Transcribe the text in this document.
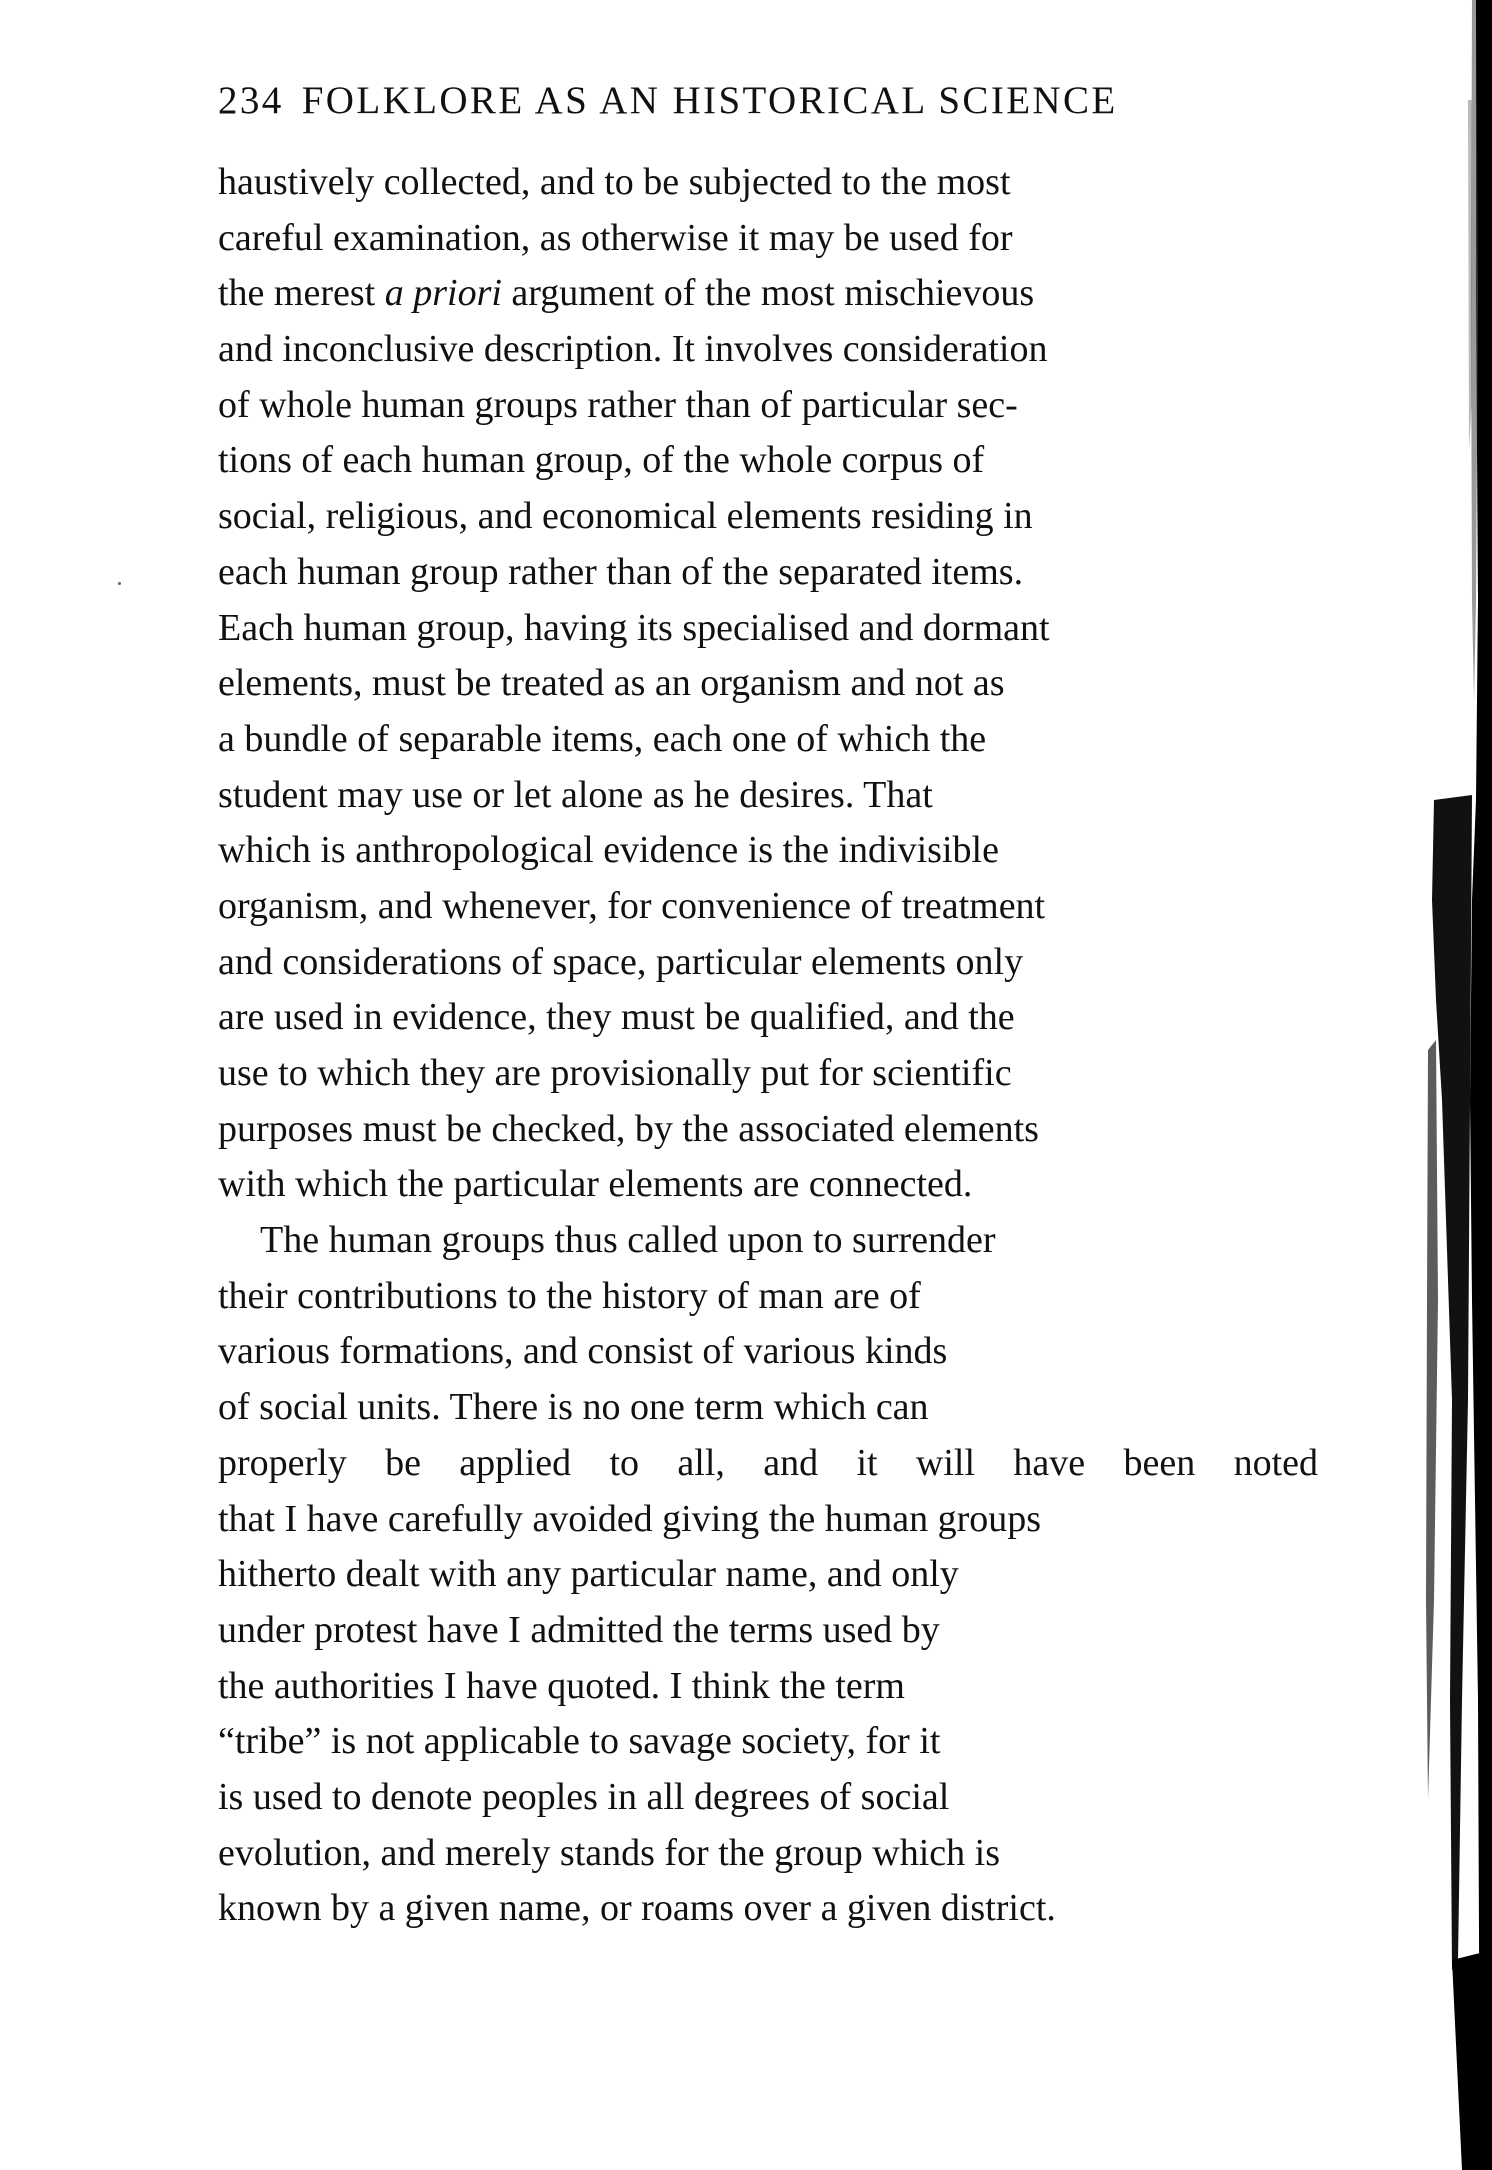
234 FOLKLORE AS AN HISTORICAL SCIENCE
haustively collected, and to be subjected to the most
careful examination, as otherwise it may be used for
the merest a priori argument of the most mischievous
and inconclusive description. It involves consideration
of whole human groups rather than of particular sec-
tions of each human group, of the whole corpus of
social, religious, and economical elements residing in
each human group rather than of the separated items.
Each human group, having its specialised and dormant
elements, must be treated as an organism and not as
a bundle of separable items, each one of which the
student may use or let alone as he desires. That
which is anthropological evidence is the indivisible
organism, and whenever, for convenience of treatment
and considerations of space, particular elements only
are used in evidence, they must be qualified, and the
use to which they are provisionally put for scientific
purposes must be checked, by the associated elements
with which the particular elements are connected.
The human groups thus called upon to surrender
their contributions to the history of man are of
various formations, and consist of various kinds
of social units. There is no one term which can
properly be applied to all, and it will have been noted
that I have carefully avoided giving the human groups
hitherto dealt with any particular name, and only
under protest have I admitted the terms used by
the authorities I have quoted. I think the term
“tribe” is not applicable to savage society, for it
is used to denote peoples in all degrees of social
evolution, and merely stands for the group which is
known by a given name, or roams over a given district.
